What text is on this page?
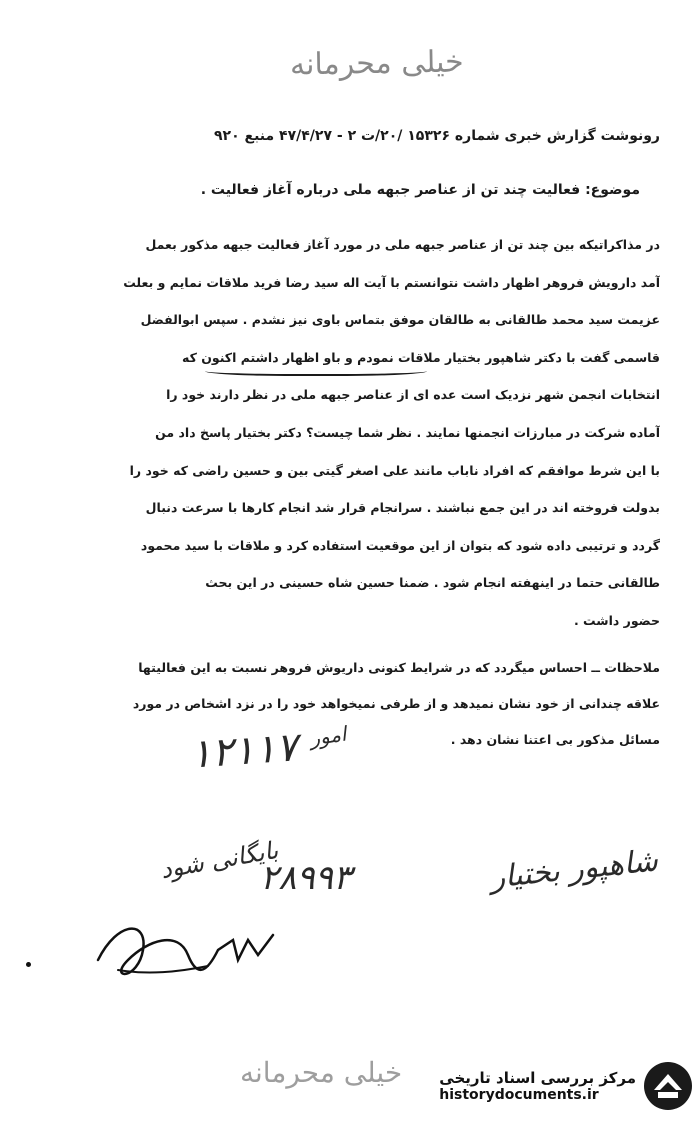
خیلی محرمانه
رونوشت گزارش خبری شماره ۱۵۳۲۶ /۲۰/ت ۲ - ۴۷/۴/۲۷ منبع ۹۲۰
موضوع: فعالیت چند تن از عناصر جبهه ملی درباره آغاز فعالیت .
در مذاکراتیکه بین چند تن از عناصر جبهه ملی در مورد آغاز فعالیت جبهه مذکور بعمل
آمد دارویش فروهر اظهار داشت نتوانستم با آیت اله سید رضا فرید ملاقات نمایم و بعلت
عزیمت سید محمد طالقانی به طالقان موفق بتماس باوی نیز نشدم . سپس ابوالفضل
قاسمی گفت با دکتر شاهپور بختیار ملاقات نمودم و باو اظهار داشتم اکنون که
انتخابات انجمن شهر نزدیک است عده ای از عناصر جبهه ملی در نظر دارند خود را
آماده شرکت در مبارزات انجمنها نمایند . نظر شما چیست؟ دکتر بختیار پاسخ داد من
با این شرط موافقم که افراد ناباب مانند علی اصغر گیتی بین و حسین راضی که خود را
بدولت فروخته اند در این جمع نباشند . سرانجام قرار شد انجام کارها با سرعت دنبال
گردد و ترتیبی داده شود که بتوان از این موقعیت استفاده کرد و ملاقات با سید محمود
طالقانی حتما در اینهفته انجام شود . ضمنا حسین شاه حسینی در این بحث
حضور داشت .
ملاحظات ــ احساس میگردد که در شرایط کنونی داریوش فروهر نسبت به این فعالیتها
علاقه چندانی از خود نشان نمیدهد و از طرفی نمیخواهد خود را در نزد اشخاص در مورد
مسائل مذکور بی اعتنا نشان دهد .
۱۲۱۱۷ امور
شاهپور بختیار
۲۸۹۹۳
بایگانی شود
خیلی محرمانه مرکز بررسی اسناد تاریخی
historydocuments.ir
